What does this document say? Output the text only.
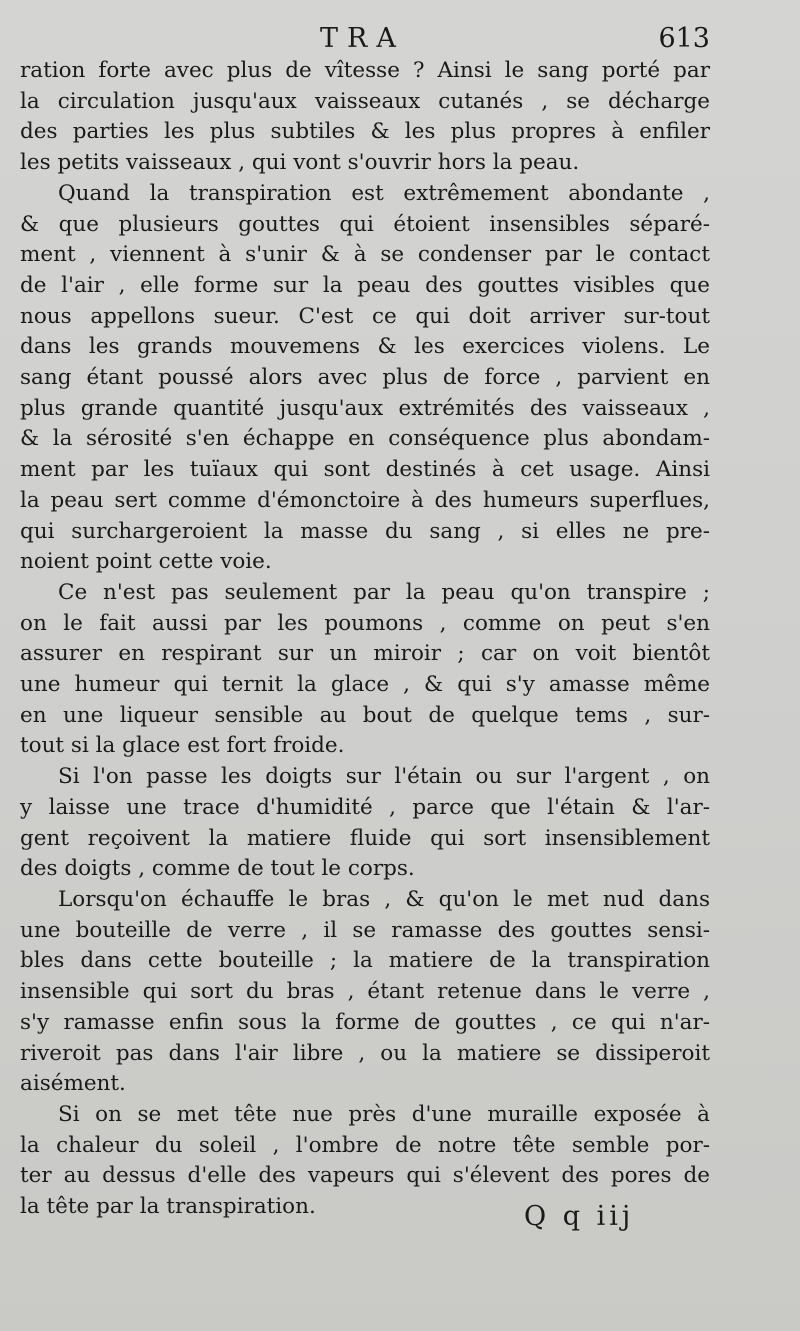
TRA	613

ration forte avec plus de vîtesse ? Ainsi le sang porté par
la circulation jusqu'aux vaisseaux cutanés , se décharge
des parties les plus subtiles & les plus propres à enfiler
les petits vaisseaux , qui vont s'ouvrir hors la peau.

Quand la transpiration est extrêmement abondante ,
& que plusieurs gouttes qui étoient insensibles séparé-
ment , viennent à s'unir & à se condenser par le contact
de l'air , elle forme sur la peau des gouttes visibles que
nous appellons sueur. C'est ce qui doit arriver sur-tout
dans les grands mouvemens & les exercices violens. Le
sang étant poussé alors avec plus de force , parvient en
plus grande quantité jusqu'aux extrémités des vaisseaux ,
& la sérosité s'en échappe en conséquence plus abondam-
ment par les tuïaux qui sont destinés à cet usage. Ainsi
la peau sert comme d'émonctoire à des humeurs superflues,
qui surchargeroient la masse du sang , si elles ne pre-
noient point cette voie.

Ce n'est pas seulement par la peau qu'on transpire ;
on le fait aussi par les poumons , comme on peut s'en
assurer en respirant sur un miroir ; car on voit bientôt
une humeur qui ternit la glace , & qui s'y amasse même
en une liqueur sensible au bout de quelque tems , sur-
tout si la glace est fort froide.

Si l'on passe les doigts sur l'étain ou sur l'argent , on
y laisse une trace d'humidité , parce que l'étain & l'ar-
gent reçoivent la matiere fluide qui sort insensiblement
des doigts , comme de tout le corps.

Lorsqu'on échauffe le bras , & qu'on le met nud dans
une bouteille de verre , il se ramasse des gouttes sensi-
bles dans cette bouteille ; la matiere de la transpiration
insensible qui sort du bras , étant retenue dans le verre ,
s'y ramasse enfin sous la forme de gouttes , ce qui n'ar-
riveroit pas dans l'air libre , ou la matiere se dissiperoit
aisément.

Si on se met tête nue près d'une muraille exposée à
la chaleur du soleil , l'ombre de notre tête semble por-
ter au dessus d'elle des vapeurs qui s'élevent des pores de
la tête par la transpiration.	Q q iij
